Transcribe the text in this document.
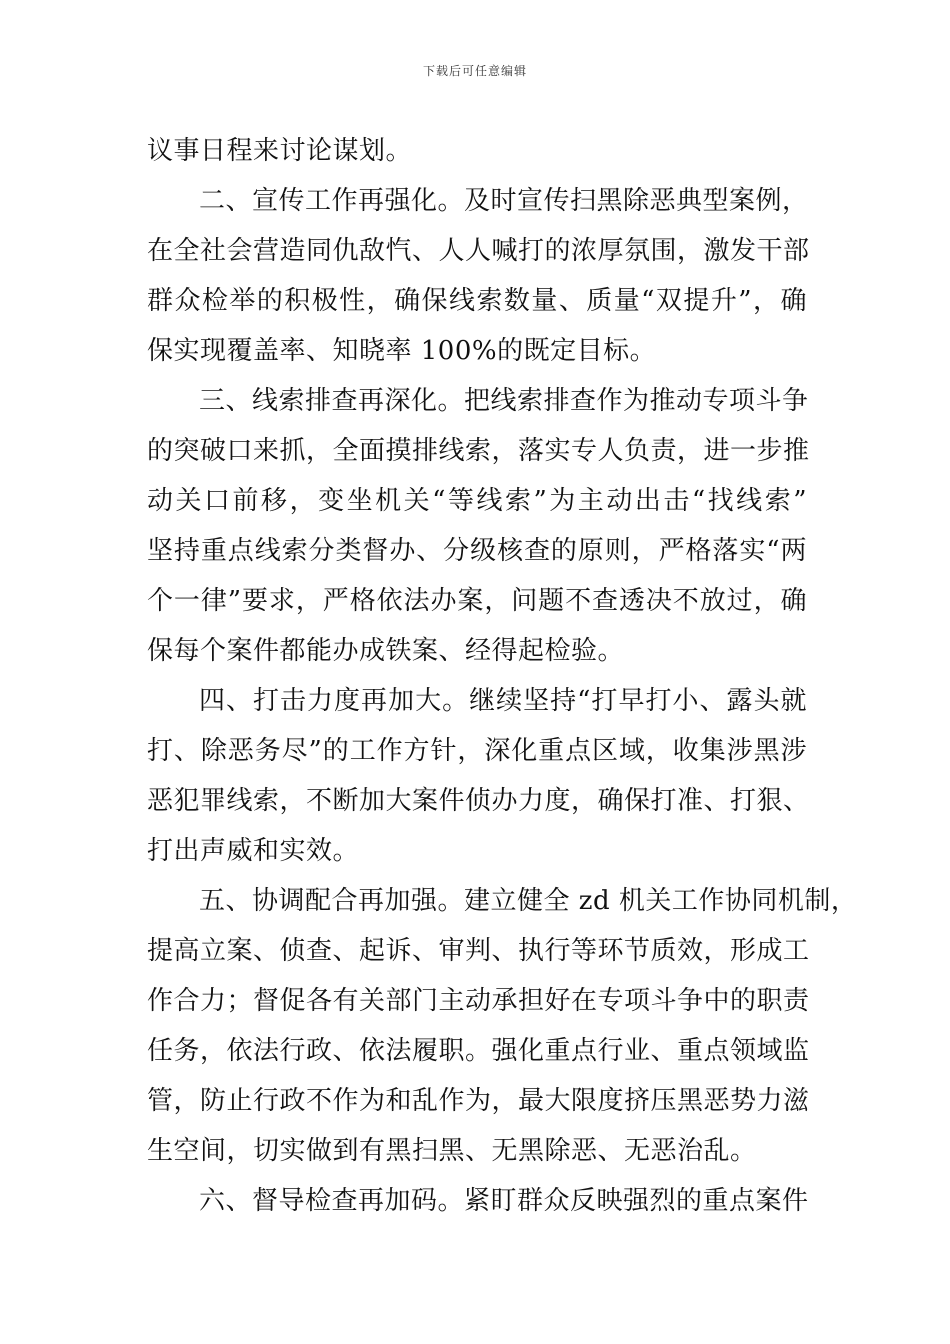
下载后可任意编辑
议事日程来讨论谋划。
二、宣传工作再强化。及时宣传扫黑除恶典型案例，
在全社会营造同仇敌忾、人人喊打的浓厚氛围，激发干部
群众检举的积极性，确保线索数量、质量“双提升”，确
保实现覆盖率、知晓率 100%的既定目标。
三、线索排查再深化。把线索排查作为推动专项斗争
的突破口来抓，全面摸排线索，落实专人负责，进一步推
动关口前移，变坐机关“等线索”为主动出击“找线索”
坚持重点线索分类督办、分级核查的原则，严格落实“两
个一律”要求，严格依法办案，问题不查透决不放过，确
保每个案件都能办成铁案、经得起检验。
四、打击力度再加大。继续坚持“打早打小、露头就
打、除恶务尽”的工作方针，深化重点区域，收集涉黑涉
恶犯罪线索，不断加大案件侦办力度，确保打准、打狠、
打出声威和实效。
五、协调配合再加强。建立健全 zd 机关工作协同机制，
提高立案、侦查、起诉、审判、执行等环节质效，形成工
作合力；督促各有关部门主动承担好在专项斗争中的职责
任务，依法行政、依法履职。强化重点行业、重点领域监
管，防止行政不作为和乱作为，最大限度挤压黑恶势力滋
生空间，切实做到有黑扫黑、无黑除恶、无恶治乱。
六、督导检查再加码。紧盯群众反映强烈的重点案件
